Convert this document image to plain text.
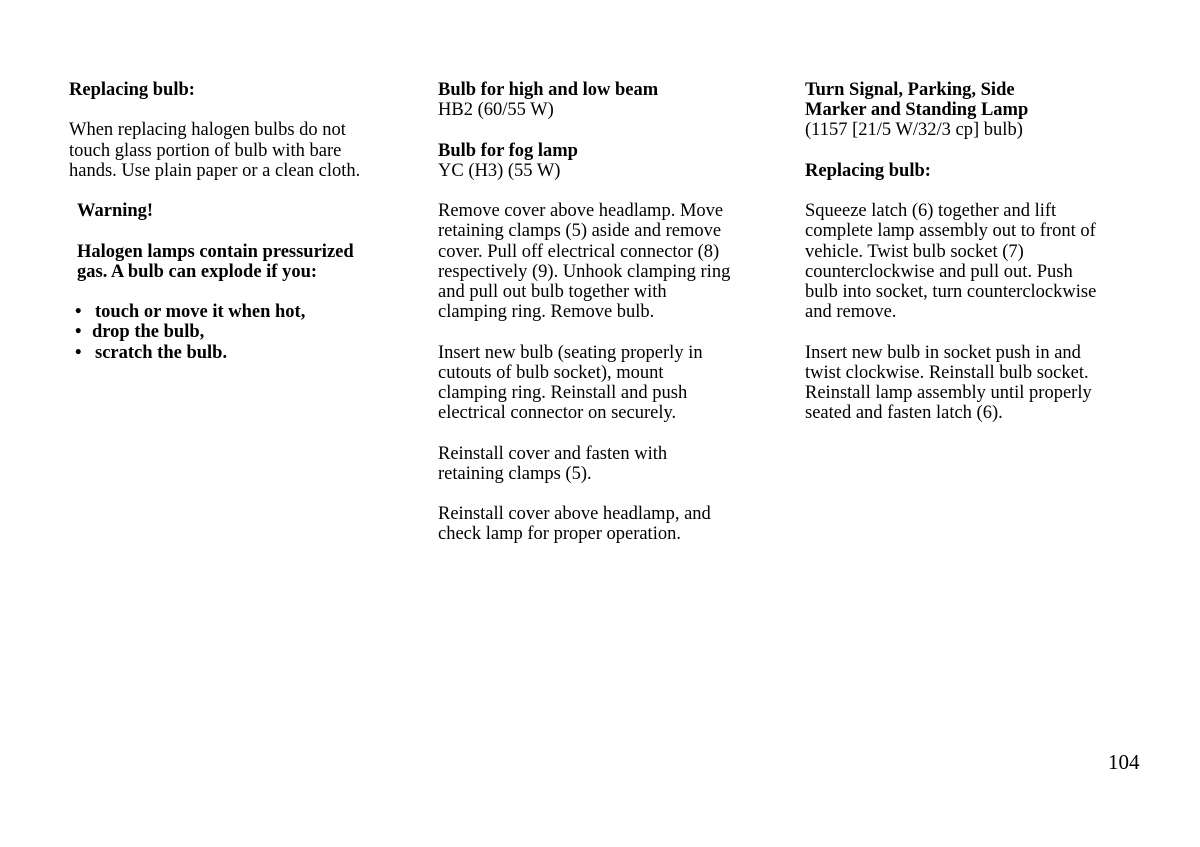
Replacing bulb:
When replacing halogen bulbs do not
touch glass portion of bulb with bare
hands. Use plain paper or a clean cloth.
Warning!
Halogen lamps contain pressurized
gas. A bulb can explode if you:
• touch or move it when hot,
• drop the bulb,
• scratch the bulb.
Bulb for high and low beam
HB2 (60/55 W)
Bulb for fog lamp
YC (H3) (55 W)
Remove cover above headlamp. Move
retaining clamps (5) aside and remove
cover. Pull off electrical connector (8)
respectively (9). Unhook clamping ring
and pull out bulb together with
clamping ring. Remove bulb.
Insert new bulb (seating properly in
cutouts of bulb socket), mount
clamping ring. Reinstall and push
electrical connector on securely.
Reinstall cover and fasten with
retaining clamps (5).
Reinstall cover above headlamp, and
check lamp for proper operation.
Turn Signal, Parking, Side
Marker and Standing Lamp
(1157 [21/5 W/32/3 cp] bulb)
Replacing bulb:
Squeeze latch (6) together and lift
complete lamp assembly out to front of
vehicle. Twist bulb socket (7)
counterclockwise and pull out. Push
bulb into socket, turn counterclockwise
and remove.
Insert new bulb in socket push in and
twist clockwise. Reinstall bulb socket.
Reinstall lamp assembly until properly
seated and fasten latch (6).
104
